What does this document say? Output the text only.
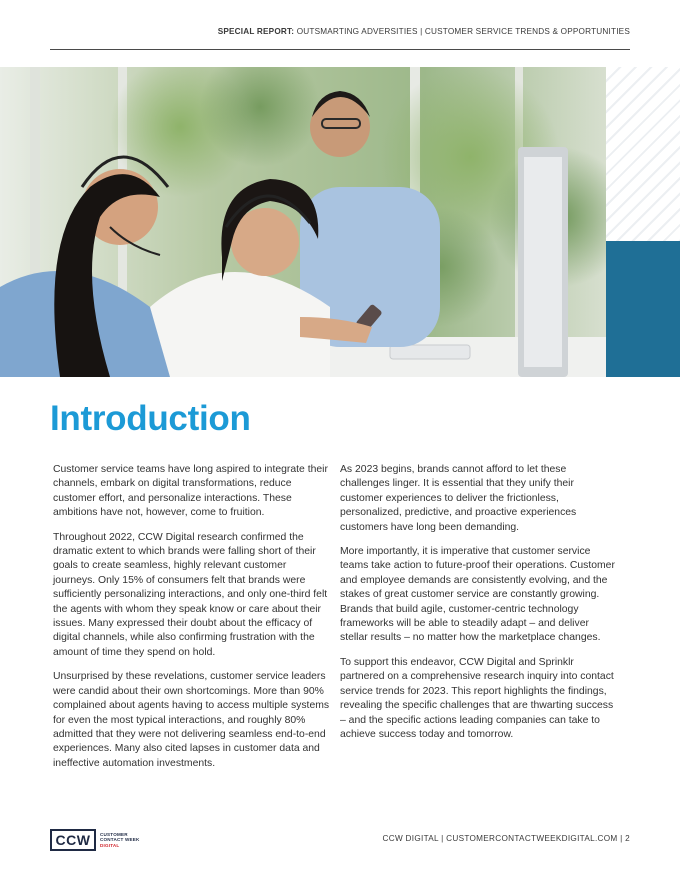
SPECIAL REPORT: OUTSMARTING ADVERSITIES | CUSTOMER SERVICE TRENDS & OPPORTUNITIES
Introduction

Customer service teams have long aspired to integrate their channels, embark on digital transformations, reduce customer effort, and personalize interactions. These ambitions have not, however, come to fruition.

Throughout 2022, CCW Digital research confirmed the dramatic extent to which brands were falling short of their goals to create seamless, highly relevant customer journeys. Only 15% of consumers felt that brands were sufficiently personalizing interactions, and only one-third felt the agents with whom they speak know or care about their issues. Many expressed their doubt about the efficacy of digital channels, while also confirming frustration with the amount of time they spend on hold.

Unsurprised by these revelations, customer service leaders were candid about their own shortcomings. More than 90% complained about agents having to access multiple systems for even the most typical interactions, and roughly 80% admitted that they were not delivering seamless end-to-end experiences. Many also cited lapses in customer data and ineffective automation investments.

As 2023 begins, brands cannot afford to let these challenges linger. It is essential that they unify their customer experiences to deliver the frictionless, personalized, predictive, and proactive experiences customers have long been demanding.

More importantly, it is imperative that customer service teams take action to future-proof their operations. Customer and employee demands are consistently evolving, and the stakes of great customer service are constantly growing. Brands that build agile, customer-centric technology frameworks will be able to steadily adapt – and deliver stellar results – no matter how the marketplace changes.

To support this endeavor, CCW Digital and Sprinklr partnered on a comprehensive research inquiry into contact service trends for 2023. This report highlights the findings, revealing the specific challenges that are thwarting success – and the specific actions leading companies can take to achieve success today and tomorrow.

CCW	CUSTOMER
CONTACT WEEK
DIGITAL
CCW DIGITAL | CUSTOMERCONTACTWEEKDIGITAL.COM | 2
